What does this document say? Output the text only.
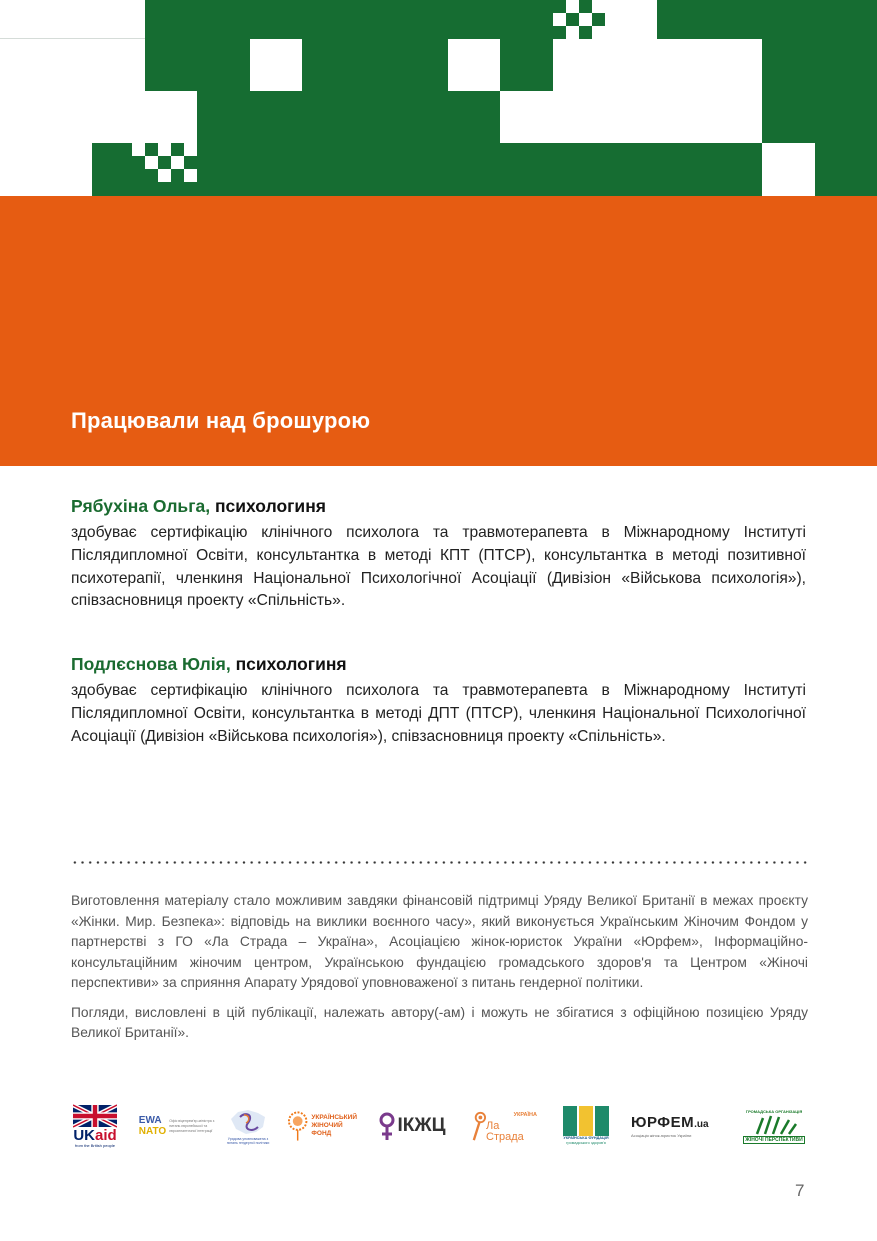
Працювали над брошурою
Рябухіна Ольга, психологиня
здобуває сертифікацію клінічного психолога та травмотерапевта в Міжнародному Інституті Післядипломної Освіти, консультантка в методі КПТ (ПТСР), консультантка в методі позитивної психотерапії, членкиня Національної Психологічної Асоціації (Дивізіон «Військова психологія»), співзасновниця проекту «Спільність».
Подлєснова Юлія, психологиня
здобуває сертифікацію клінічного психолога та травмотерапевта в Міжнародному Інституті Післядипломної Освіти, консультантка в методі ДПТ (ПТСР), членкиня Національної Психологічної Асоціації (Дивізіон «Військова психологія»), співзасновниця проекту «Спільність».

Виготовлення матеріалу стало можливим завдяки фінансовій підтримці Уряду Великої Британії в межах проєкту «Жінки. Мир. Безпека»: відповідь на виклики воєнного часу», який виконується Українським Жіночим Фондом у партнерстві з ГО «Ла Страда – Україна», Асоціацією жінок-юристок України «Юрфем», Інформаційно-консультаційним жіночим центром, Українською фундацією громадського здоров'я та Центром «Жіночі перспективи» за сприяння Апарату Урядової уповноваженої з питань гендерної політики.

Погляди, висловлені в цій публікації, належать автору(-ам) і можуть не збігатися з офіційною позицією Уряду Великої Британії».

UKaid
from the British people
EWA
NATO
Офіс віцепрем'єр-міністра з питань європейської та євроатлантичної інтеграції
Урядова уповноважена з питань гендерної політики
УКРАЇНСЬКИЙ
ЖІНОЧИЙ
ФОНД	ІКЖЦ
УКРАЇНА
Ла Страда	УКРАЇНСЬКА ФУНДАЦІЯ
громадського здоров'я
ЮРФЕМ.ua
Асоціація жінок-юристок України
ГРОМАДСЬКА ОРГАНІЗАЦІЯ
ЖІНОЧІ ПЕРСПЕКТИВИ
7
